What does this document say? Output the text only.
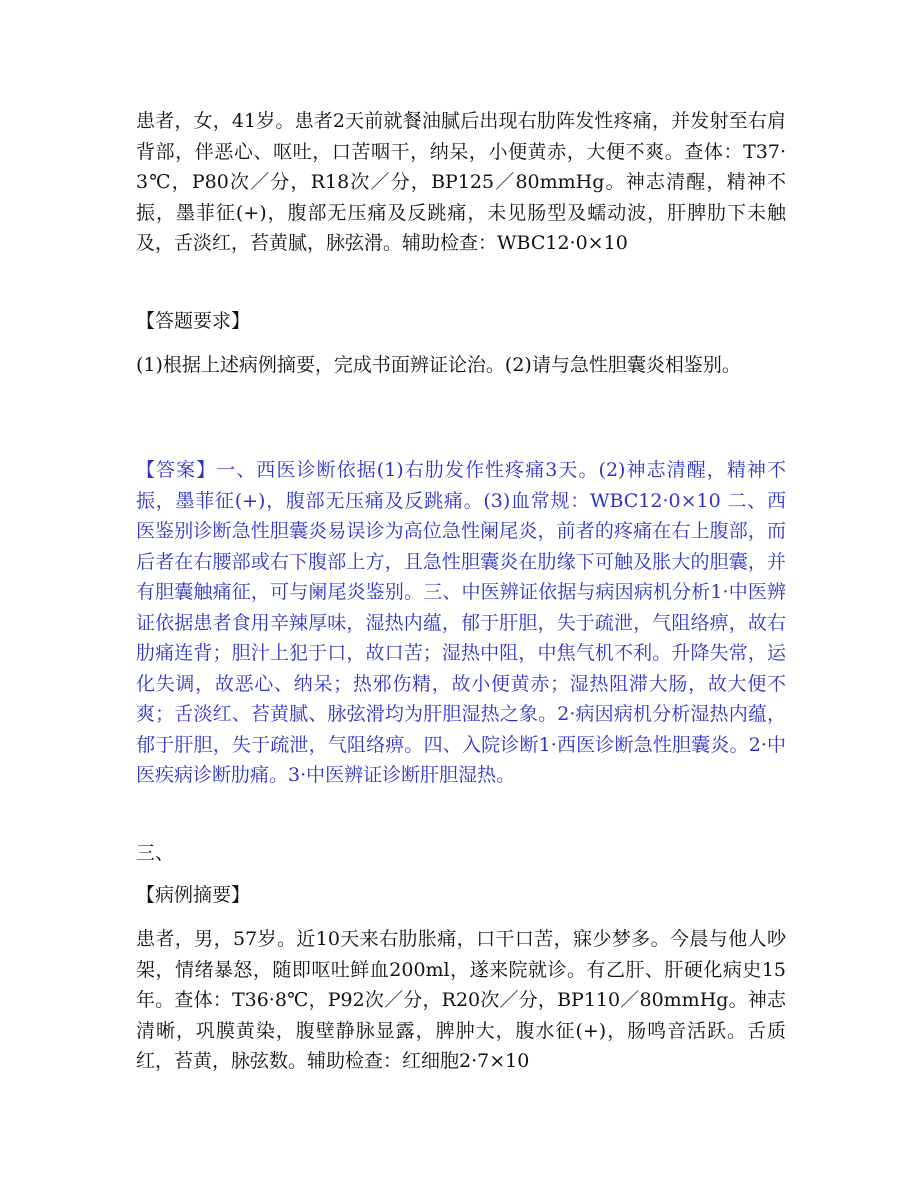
患者，女，41岁。患者2天前就餐油腻后出现右肋阵发性疼痛，并发射至右肩背部，伴恶心、呕吐，口苦咽干，纳呆，小便黄赤，大便不爽。查体：T37·3℃，P80次／分，R18次／分，BP125／80mmHg。神志清醒，精神不振，墨菲征(+)，腹部无压痛及反跳痛，未见肠型及蠕动波，肝脾肋下未触及，舌淡红，苔黄腻，脉弦滑。辅助检查：WBC12·0×10

【答题要求】

(1)根据上述病例摘要，完成书面辨证论治。(2)请与急性胆囊炎相鉴别。

【答案】一、西医诊断依据(1)右肋发作性疼痛3天。(2)神志清醒，精神不振，墨菲征(+)，腹部无压痛及反跳痛。(3)血常规：WBC12·0×10 二、西医鉴别诊断急性胆囊炎易误诊为高位急性阑尾炎，前者的疼痛在右上腹部，而后者在右腰部或右下腹部上方，且急性胆囊炎在肋缘下可触及胀大的胆囊，并有胆囊触痛征，可与阑尾炎鉴别。三、中医辨证依据与病因病机分析1·中医辨证依据患者食用辛辣厚味，湿热内蕴，郁于肝胆，失于疏泄，气阻络痹，故右肋痛连背；胆汁上犯于口，故口苦；湿热中阻，中焦气机不利。升降失常，运化失调，故恶心、纳呆；热邪伤精，故小便黄赤；湿热阻滞大肠，故大便不爽；舌淡红、苔黄腻、脉弦滑均为肝胆湿热之象。2·病因病机分析湿热内蕴，郁于肝胆，失于疏泄，气阻络痹。四、入院诊断1·西医诊断急性胆囊炎。2·中医疾病诊断肋痛。3·中医辨证诊断肝胆湿热。

三、

【病例摘要】

患者，男，57岁。近10天来右肋胀痛，口干口苦，寐少梦多。今晨与他人吵架，情绪暴怒，随即呕吐鲜血200ml，遂来院就诊。有乙肝、肝硬化病史15年。查体：T36·8℃，P92次／分，R20次／分，BP110／80mmHg。神志清晰，巩膜黄染，腹壁静脉显露，脾肿大，腹水征(+)，肠鸣音活跃。舌质红，苔黄，脉弦数。辅助检查：红细胞2·7×10
